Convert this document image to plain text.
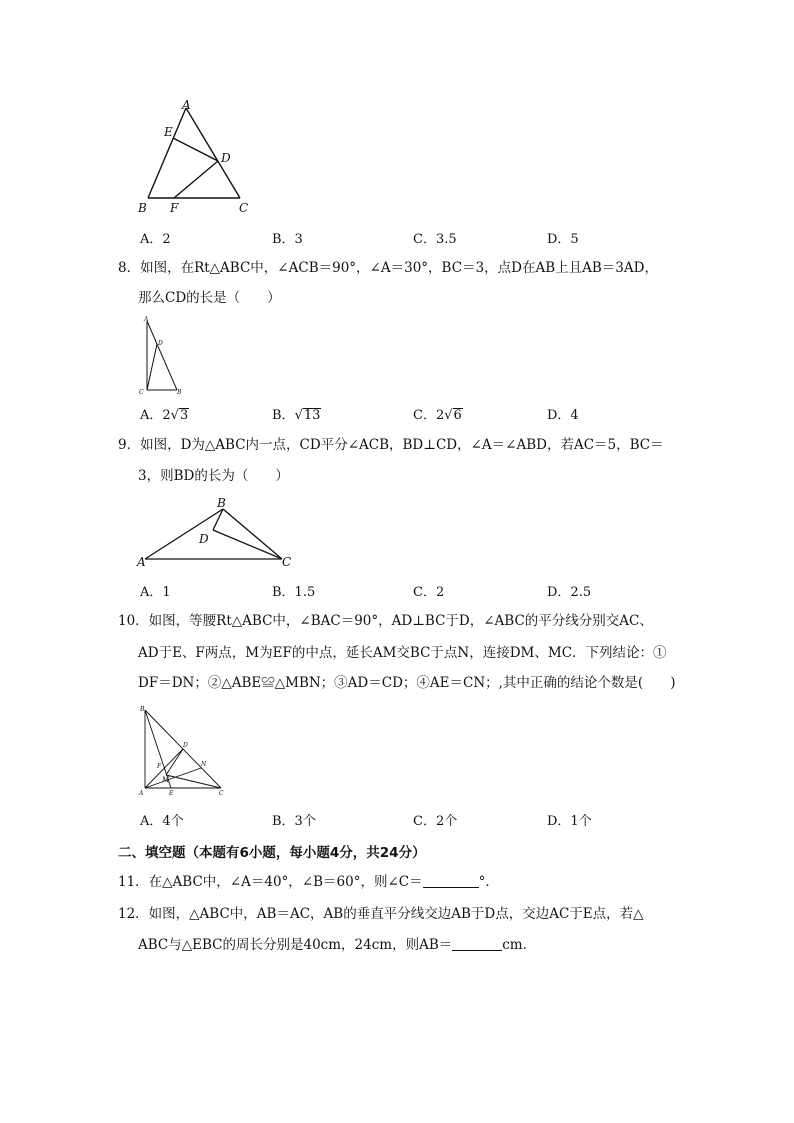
A
E
D
B F	C
A．2	B．3	C．3.5	D．5
8．如图，在Rt△ABC中，∠ACB＝90°，∠A＝30°，BC＝3，点D在AB上且AB＝3AD，
那么CD的长是（　　）
A
D
C	B
A．2√3	B．√13	C．2√6	D．4
9．如图，D为△ABC内一点，CD平分∠ACB，BD⊥CD，∠A＝∠ABD，若AC＝5，BC＝
3，则BD的长为（　　）
B
D
A	C
A．1	B．1.5	C．2	D．2.5
10．如图，等腰Rt△ABC中，∠BAC＝90°，AD⊥BC于D，∠ABC的平分线分别交AC、
AD于E、F两点，M为EF的中点，延长AM交BC于点N，连接DM、MC．下列结论：①
DF＝DN；②△ABE≌△MBN；③AD＝CD；④AE＝CN；,其中正确的结论个数是(　　)
B
D
N
F
M
A	E	C
A．4个	B．3个	C．2个	D．1个
二、填空题（本题有6小题，每小题4分，共24分）
11．在△ABC中，∠A＝40°，∠B＝60°，则∠C＝	°．
12．如图，△ABC中，AB＝AC，AB的垂直平分线交边AB于D点，交边AC于E点，若△
ABC与△EBC的周长分别是40cm，24cm，则AB＝	cm．
